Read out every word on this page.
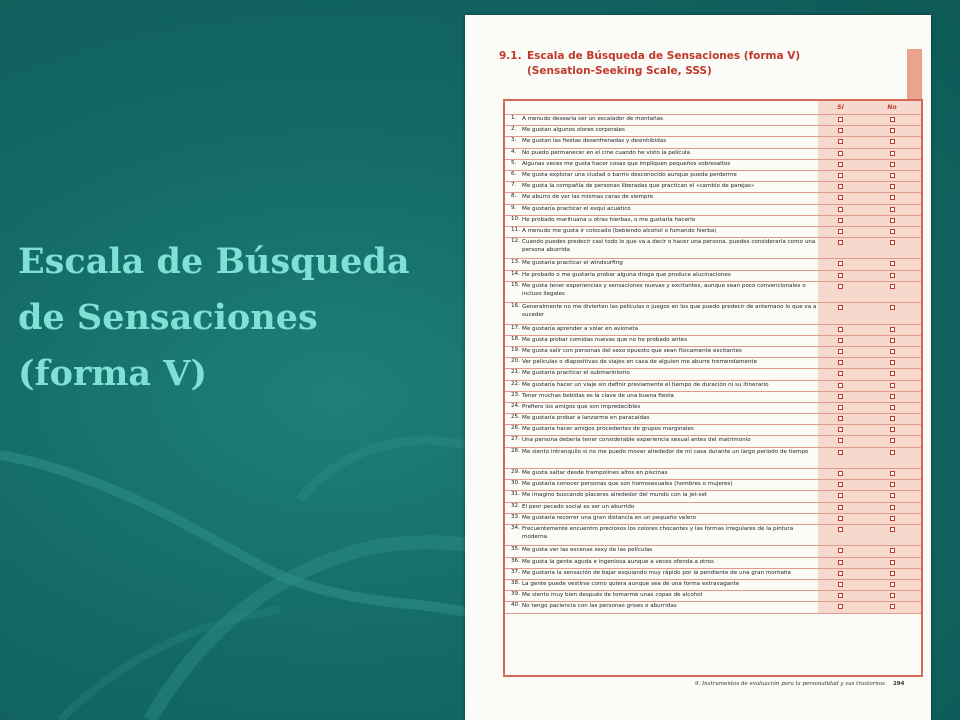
Escala de Búsqueda
de Sensaciones
(forma V)
9.1. Escala de Búsqueda de Sensaciones (forma V)
(Sensation-Seeking Scale, SSS)
Sí	No
1.	A menudo desearía ser un escalador de montañas
2.	Me gustan algunos olores corporales
3.	Me gustan las fiestas desenfrenadas y desinhibidas
4.	No puedo permanecer en el cine cuando he visto la película
5.	Algunas veces me gusta hacer cosas que impliquen pequeños sobresaltos
6.	Me gusta explorar una ciudad o barrio desconocido aunque pueda perderme
7.	Me gusta la compañía de personas liberadas que practican el «cambio de parejas»
8.	Me aburro de ver las mismas caras de siempre
9.	Me gustaría practicar el esquí acuático
10. He probado marihuana u otras hierbas, o me gustaría hacerlo
11. A menudo me gusta ir colocado (bebiendo alcohol o fumando hierba)
12. Cuando puedes predecir casi todo lo que va a decir o hacer una persona, puedes considerarla como una persona aburrida
13. Me gustaría practicar el windsurfing
14. He probado o me gustaría probar alguna droga que produce alucinaciones
15. Me gusta tener experiencias y sensaciones nuevas y excitantes, aunque sean poco convencionales o incluso ilegales
16. Generalmente no me divierten las películas o juegos en los que puedo predecir de antemano lo que va a suceder
17. Me gustaría aprender a volar en avioneta
18. Me gusta probar comidas nuevas que no he probado antes
19. Me gusta salir con personas del sexo opuesto que sean físicamente excitantes
20. Ver películas o diapositivas de viajes en casa de alguien me aburre tremendamente
21. Me gustaría practicar el submarinismo
22. Me gustaría hacer un viaje sin definir previamente el tiempo de duración ni su itinerario
23. Tener muchas bebidas es la clave de una buena fiesta
24. Prefiero los amigos que son impredecibles
25. Me gustaría probar a lanzarme en paracaídas
26. Me gustaría hacer amigos procedentes de grupos marginales
27. Una persona debería tener considerable experiencia sexual antes del matrimonio
28. Me siento intranquilo si no me puedo mover alrededor de mi casa durante un largo periodo de tiempo
29. Me gusta saltar desde trampolines altos en piscinas
30. Me gustaría conocer personas que son homosexuales (hombres o mujeres)
31. Me imagino buscando placeres alrededor del mundo con la jet-set
32. El peor pecado social es ser un aburrido
33. Me gustaría recorrer una gran distancia en un pequeño velero
34. Frecuentemente encuentro preciosos los colores chocantes y las formas irregulares de la pintura moderna
35. Me gusta ver las escenas sexy de las películas
36. Me gusta la gente aguda e ingeniosa aunque a veces ofenda a otros
37. Me gustaría la sensación de bajar esquiando muy rápido por la pendiente de una gran montaña
38. La gente puede vestirse como quiera aunque sea de una forma extravagante
39. Me siento muy bien después de tomarme unas copas de alcohol
40. No tengo paciencia con las personas grises o aburridas
9. Instrumentos de evaluación para la personalidad y sus trastornos 294
